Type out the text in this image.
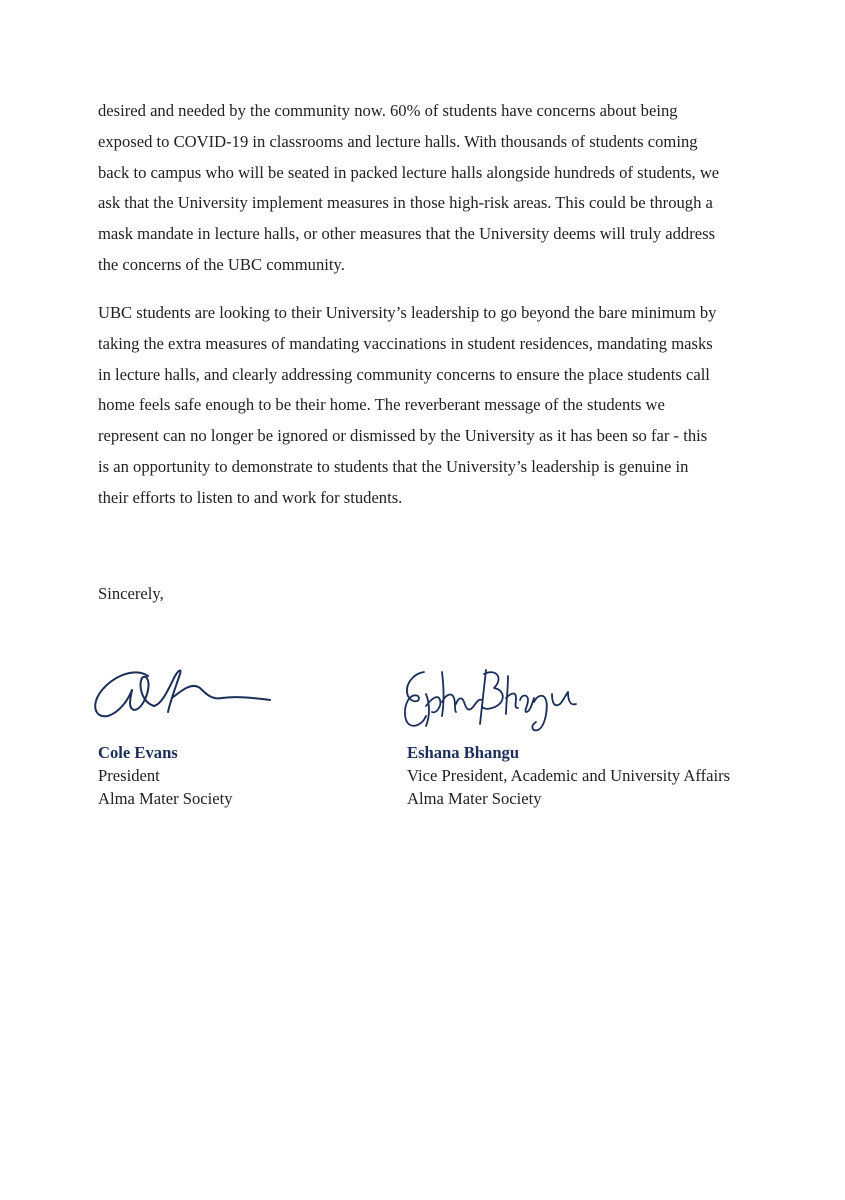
desired and needed by the community now. 60% of students have concerns about being
exposed to COVID-19 in classrooms and lecture halls. With thousands of students coming
back to campus who will be seated in packed lecture halls alongside hundreds of students, we
ask that the University implement measures in those high-risk areas. This could be through a
mask mandate in lecture halls, or other measures that the University deems will truly address
the concerns of the UBC community.
UBC students are looking to their University’s leadership to go beyond the bare minimum by
taking the extra measures of mandating vaccinations in student residences, mandating masks
in lecture halls, and clearly addressing community concerns to ensure the place students call
home feels safe enough to be their home. The reverberant message of the students we
represent can no longer be ignored or dismissed by the University as it has been so far - this
is an opportunity to demonstrate to students that the University’s leadership is genuine in
their efforts to listen to and work for students.

Sincerely,

Cole Evans
President
Alma Mater Society
Eshana Bhangu
Vice President, Academic and University Affairs
Alma Mater Society
